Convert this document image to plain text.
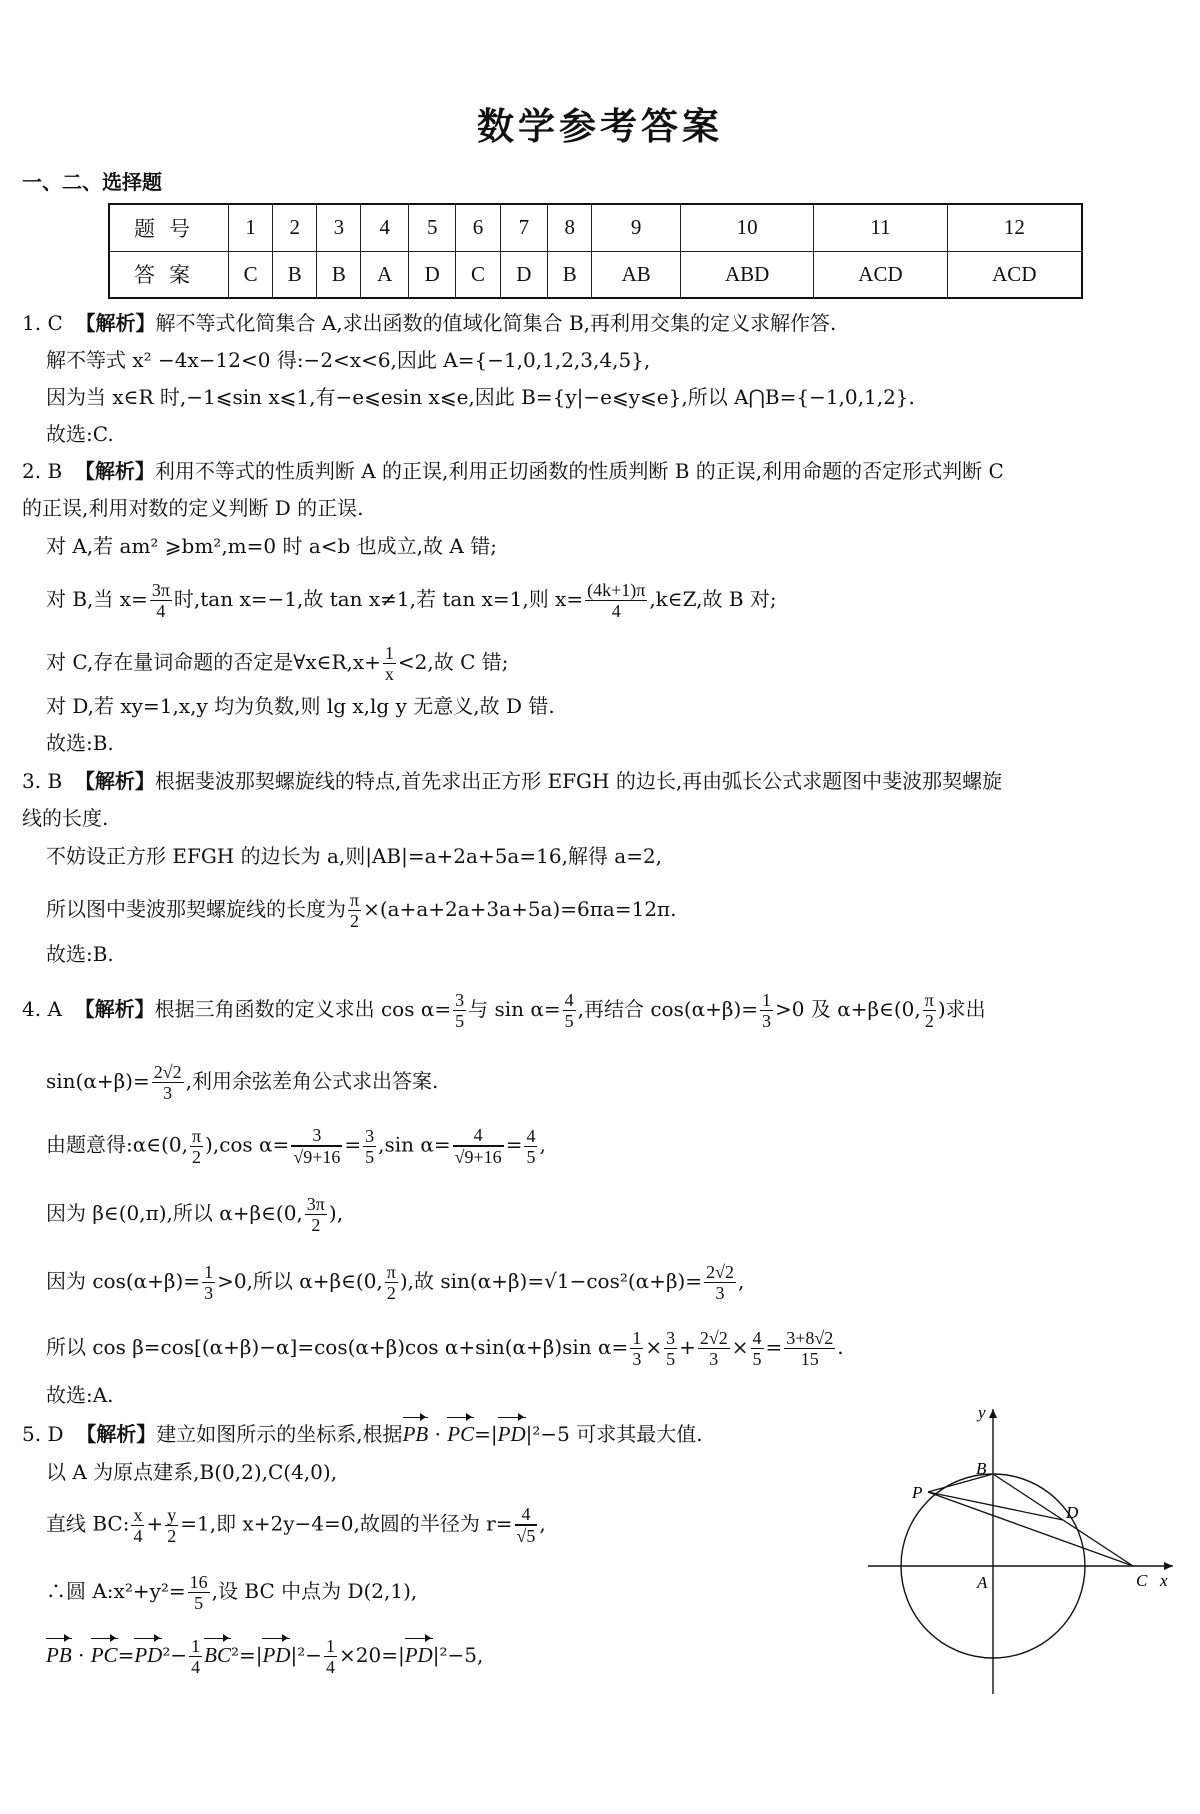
数学参考答案
一、二、选择题
题号	1	2	3	4	5	6	7	8	9	10	11	12
答案	C	B	B	A	D	C	D	B	AB	ABD	ACD	ACD
1. C 【解析】解不等式化简集合 A,求出函数的值域化简集合 B,再利用交集的定义求解作答.
解不等式 x² −4x−12<0 得:−2<x<6,因此 A={−1,0,1,2,3,4,5},
因为当 x∈R 时,−1⩽sin x⩽1,有−e⩽esin x⩽e,因此 B={y|−e⩽y⩽e},所以 A⋂B={−1,0,1,2}.
故选:C.
2. B 【解析】利用不等式的性质判断 A 的正误,利用正切函数的性质判断 B 的正误,利用命题的否定形式判断 C
的正误,利用对数的定义判断 D 的正误.
对 A,若 am² ⩾bm²,m=0 时 a<b 也成立,故 A 错;
对 B,当 $x= \frac{3\pi}{4}$ 时,tan x=−1,故 tan x≠1,若 tan x=1,则 $x= \frac{(4k+1)\pi}{4}$ ,k∈Z,故 B 对;
对 C,存在量词命题的否定是∀x∈R,x+ $\frac{1}{x} <2$,故 C 错;
对 D,若 xy=1,x,y 均为负数,则 lg x,lg y 无意义,故 D 错.
故选:B.
3. B 【解析】根据斐波那契螺旋线的特点,首先求出正方形 EFGH 的边长,再由弧长公式求题图中斐波那契螺旋
线的长度.
不妨设正方形 EFGH 的边长为 a,则|AB|=a+2a+5a=16,解得 a=2,
所以图中斐波那契螺旋线的长度为 $\frac{\pi}{2} \times(a+a+2a+3a+5a)=6\pi a=12\pi$.
故选:B.
4. A 【解析】根据三角函数的定义求出 $\cos \alpha= \frac{3}{5}$ 与 $\sin \alpha= \frac{4}{5}$ ,再结合 $\cos(\alpha+\beta)= \frac{1}{3} >0$ 及 α+β∈(0, $\frac{\pi}{2}$ )求出
$\sin(\alpha+\beta)= \frac{2√2}{3}$ ,利用余弦差角公式求出答案.
由题意得:α∈(0, $\frac{\pi}{2} ),\cos$ $\alpha= \frac{3}{√9+16} = \frac{3}{5} ,\sin$ $\alpha= \frac{4}{√9+16} = \frac{4}{5}$ ,
因为 β∈(0,π),所以 α+β∈(0, $\frac{3\pi}{2}$ ),
因为 $\cos(\alpha+\beta)= \frac{1}{3} >0$,所以 α+β∈(0, $\frac{\pi}{2}$ ),故 $\sin(\alpha+\beta)=√1-\cos^2(\alpha+\beta)= \frac{2√2}{3}$ ,
所以 cos β=cos[(α+β)−α]=cos(α+β)cos α+sin(α+β)sin $\alpha= \frac{1}{3} \times \frac{3}{5} + \frac{2√2}{3} \times \frac{4}{5} = \frac{3+8√2}{15}$ .
故选:A.
5. D 【解析】建立如图所示的坐标系,根据PB · PC=|PD|²−5 可求其最大值.
以 A 为原点建系,B(0,2),C(4,0),
直线 BC: $\frac{x}{4} + \frac{y}{2} =1$,即 x+2y−4=0,故圆的半径为 $r= \frac{4}{√5}$ ,
∴圆 A:x²+y²= $\frac{16}{5}$ ,设 BC 中点为 D(2,1),
PB · $PC=PD^2- \frac{1}{4} BC^2=|PD|^2- \frac{1}{4} \times 20=|PD|^2-5$,
y
x
B
P
D
A	C
